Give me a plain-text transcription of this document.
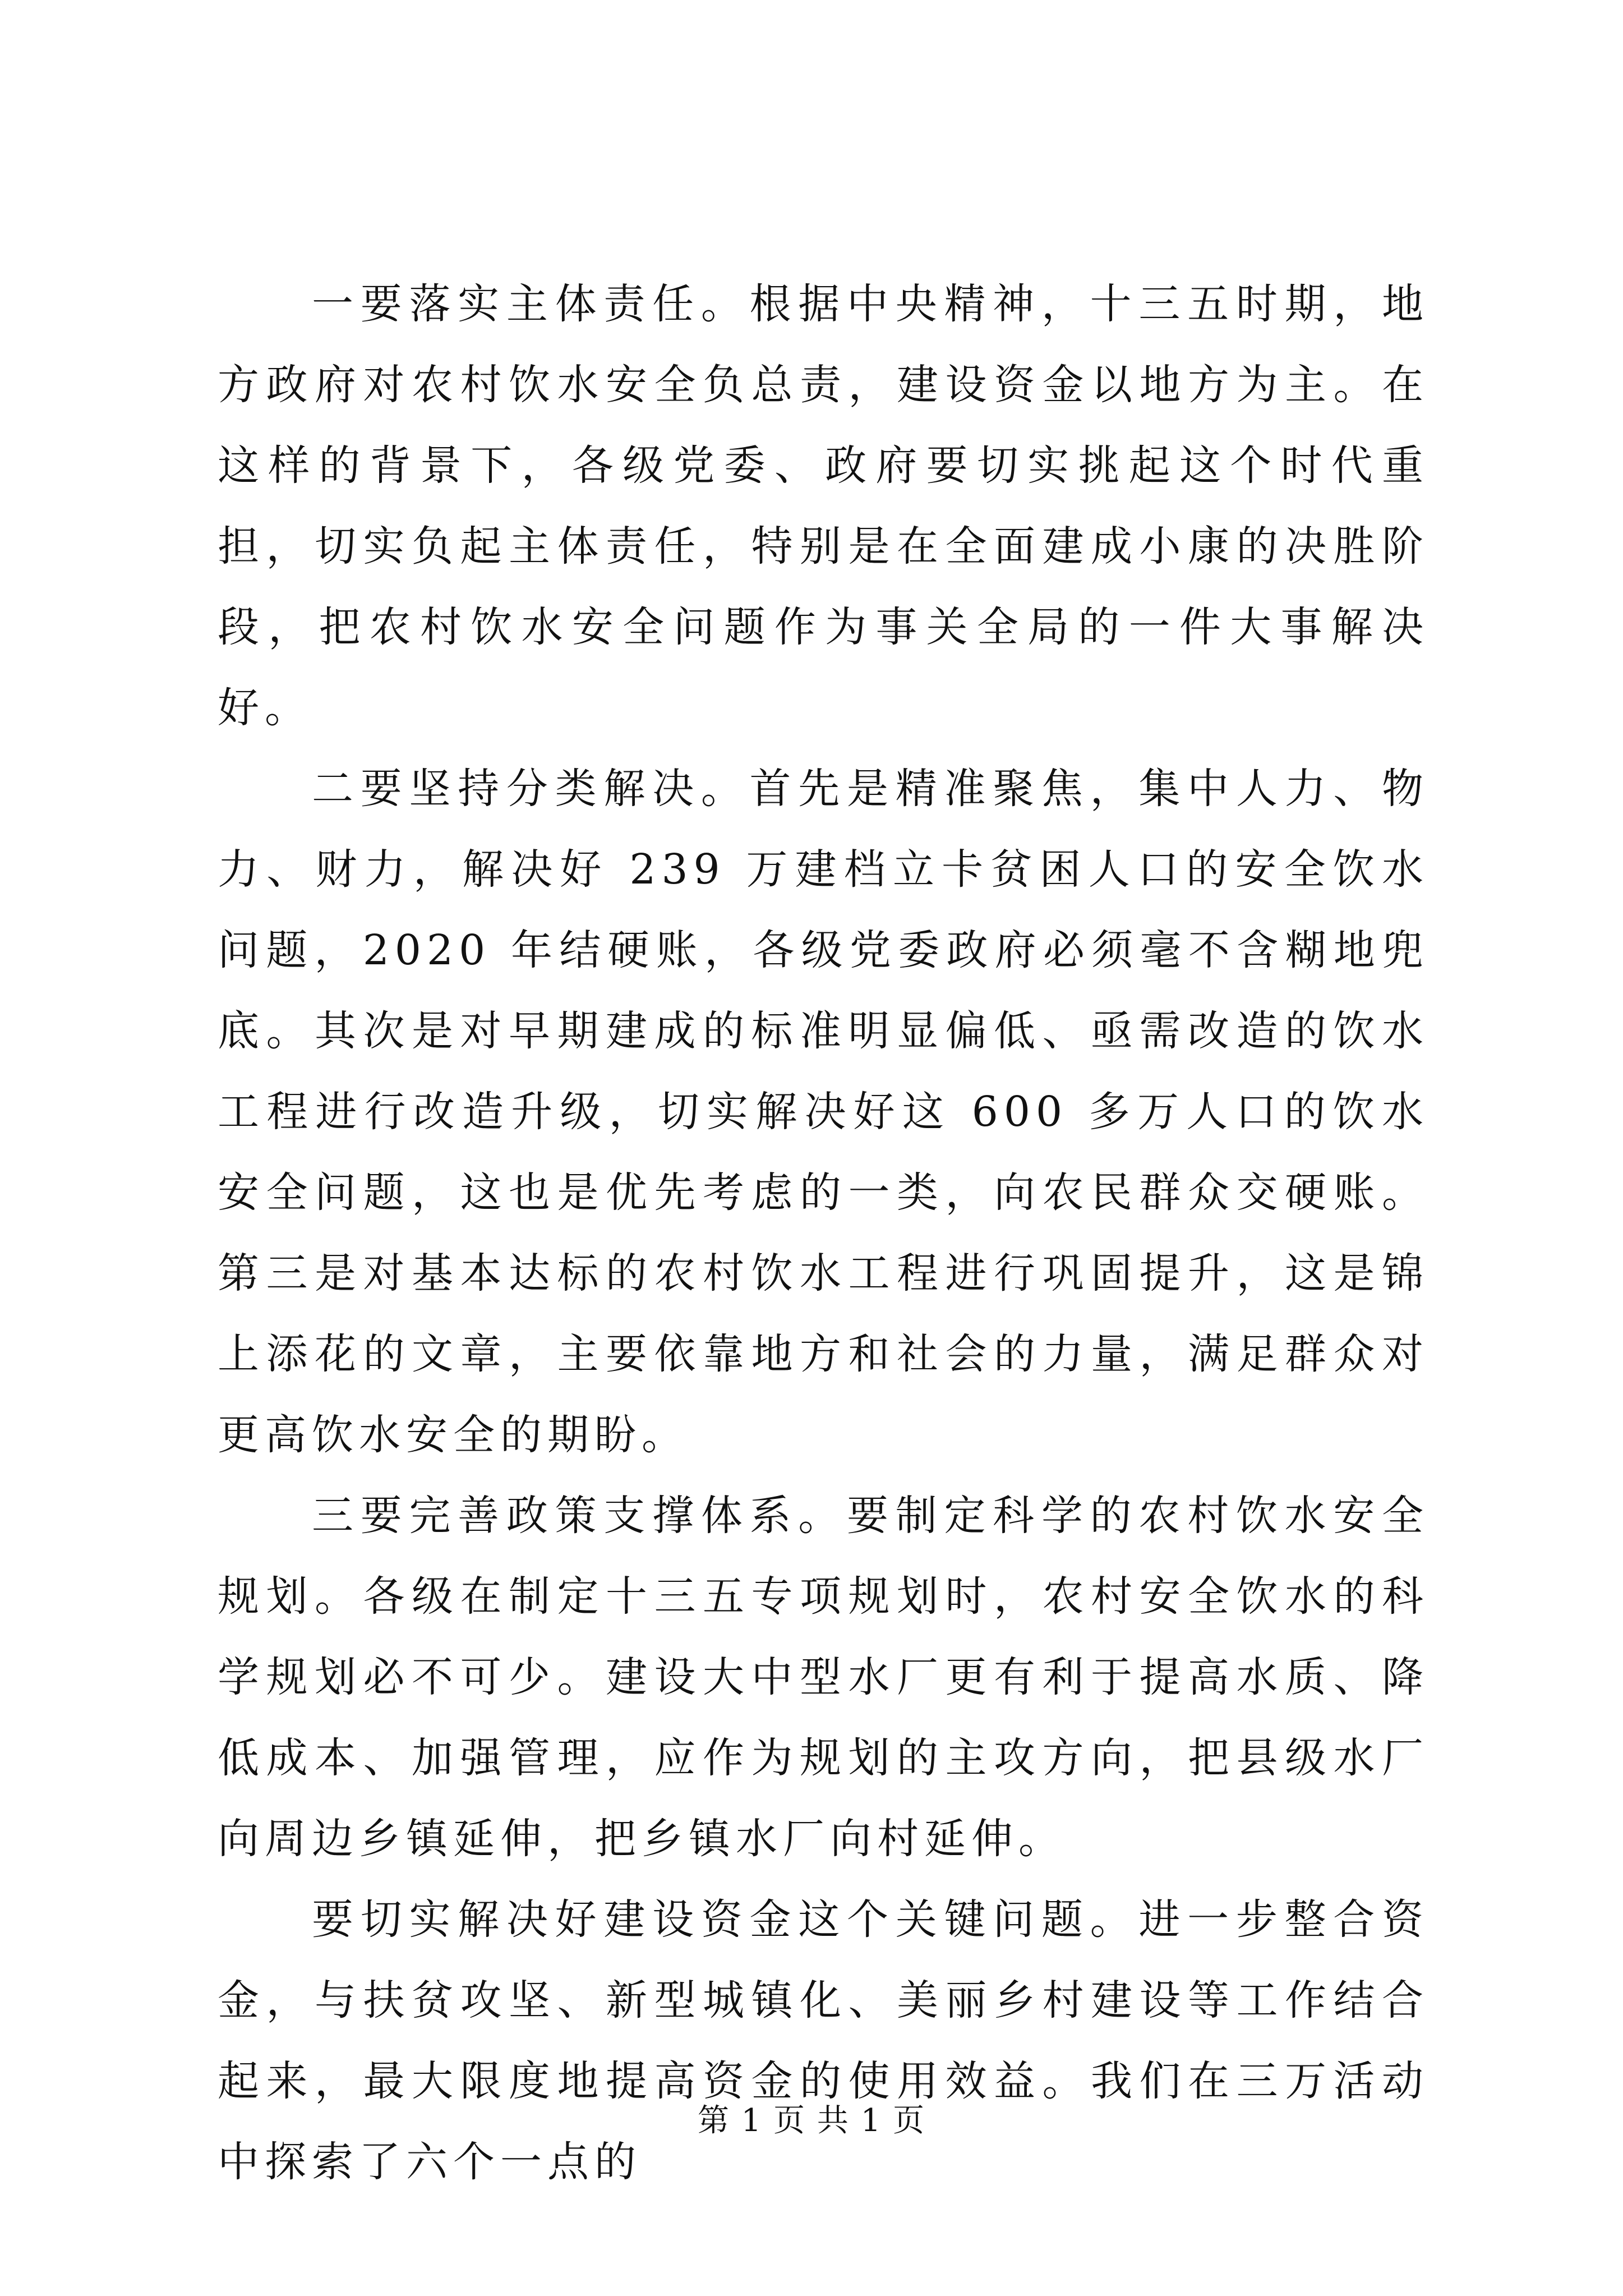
一要落实主体责任。根据中央精神，十三五时期，地方政府对农村饮水安全负总责，建设资金以地方为主。在这样的背景下，各级党委、政府要切实挑起这个时代重担，切实负起主体责任，特别是在全面建成小康的决胜阶段，把农村饮水安全问题作为事关全局的一件大事解决好。

二要坚持分类解决。首先是精准聚焦，集中人力、物力、财力，解决好 239 万建档立卡贫困人口的安全饮水问题，2020 年结硬账，各级党委政府必须毫不含糊地兜底。其次是对早期建成的标准明显偏低、亟需改造的饮水工程进行改造升级，切实解决好这 600 多万人口的饮水安全问题，这也是优先考虑的一类，向农民群众交硬账。第三是对基本达标的农村饮水工程进行巩固提升，这是锦上添花的文章，主要依靠地方和社会的力量，满足群众对更高饮水安全的期盼。

三要完善政策支撑体系。要制定科学的农村饮水安全规划。各级在制定十三五专项规划时，农村安全饮水的科学规划必不可少。建设大中型水厂更有利于提高水质、降低成本、加强管理，应作为规划的主攻方向，把县级水厂向周边乡镇延伸，把乡镇水厂向村延伸。

要切实解决好建设资金这个关键问题。进一步整合资金，与扶贫攻坚、新型城镇化、美丽乡村建设等工作结合起来，最大限度地提高资金的使用效益。我们在三万活动中探索了六个一点的

第 1 页 共 1 页
